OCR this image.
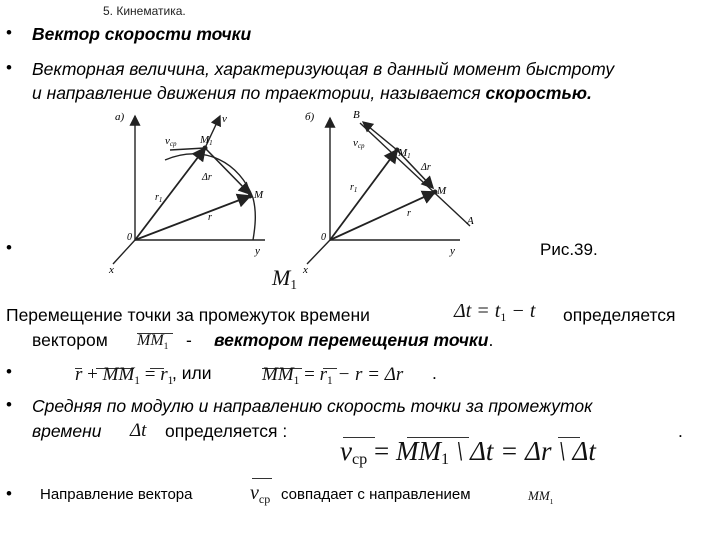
5. Кинематика.
• Вектор скорости точки
• Векторная величина, характеризующая в данный момент быстроту
и направление движения по траектории, называется скоростью.
а)	v
vср M1
Δr
M
$r_1$
r
0
y
x
б)	B
vср
M1
Δr
M
A
$r_1$
r
0
y
x
•	Рис.39.
$M_1$
Перемещение точки за промежуток времени	$\Delta t = t_1 - t$ определяется
вектором $MM_1$ - вектором перемещения точки.
•	$r + MM_1 = r_1$
, или	$MM_1 = r_1 - r = \Delta r$ .
• Средняя по модулю и направлению скорость точки за промежуток
времени Δt определяется :	.
$v_{ср} = MM_1$ \ Δt = Δr \ Δt
• Направление вектора	$v_{ср}$ совпадает с направлением	$MM_1$
